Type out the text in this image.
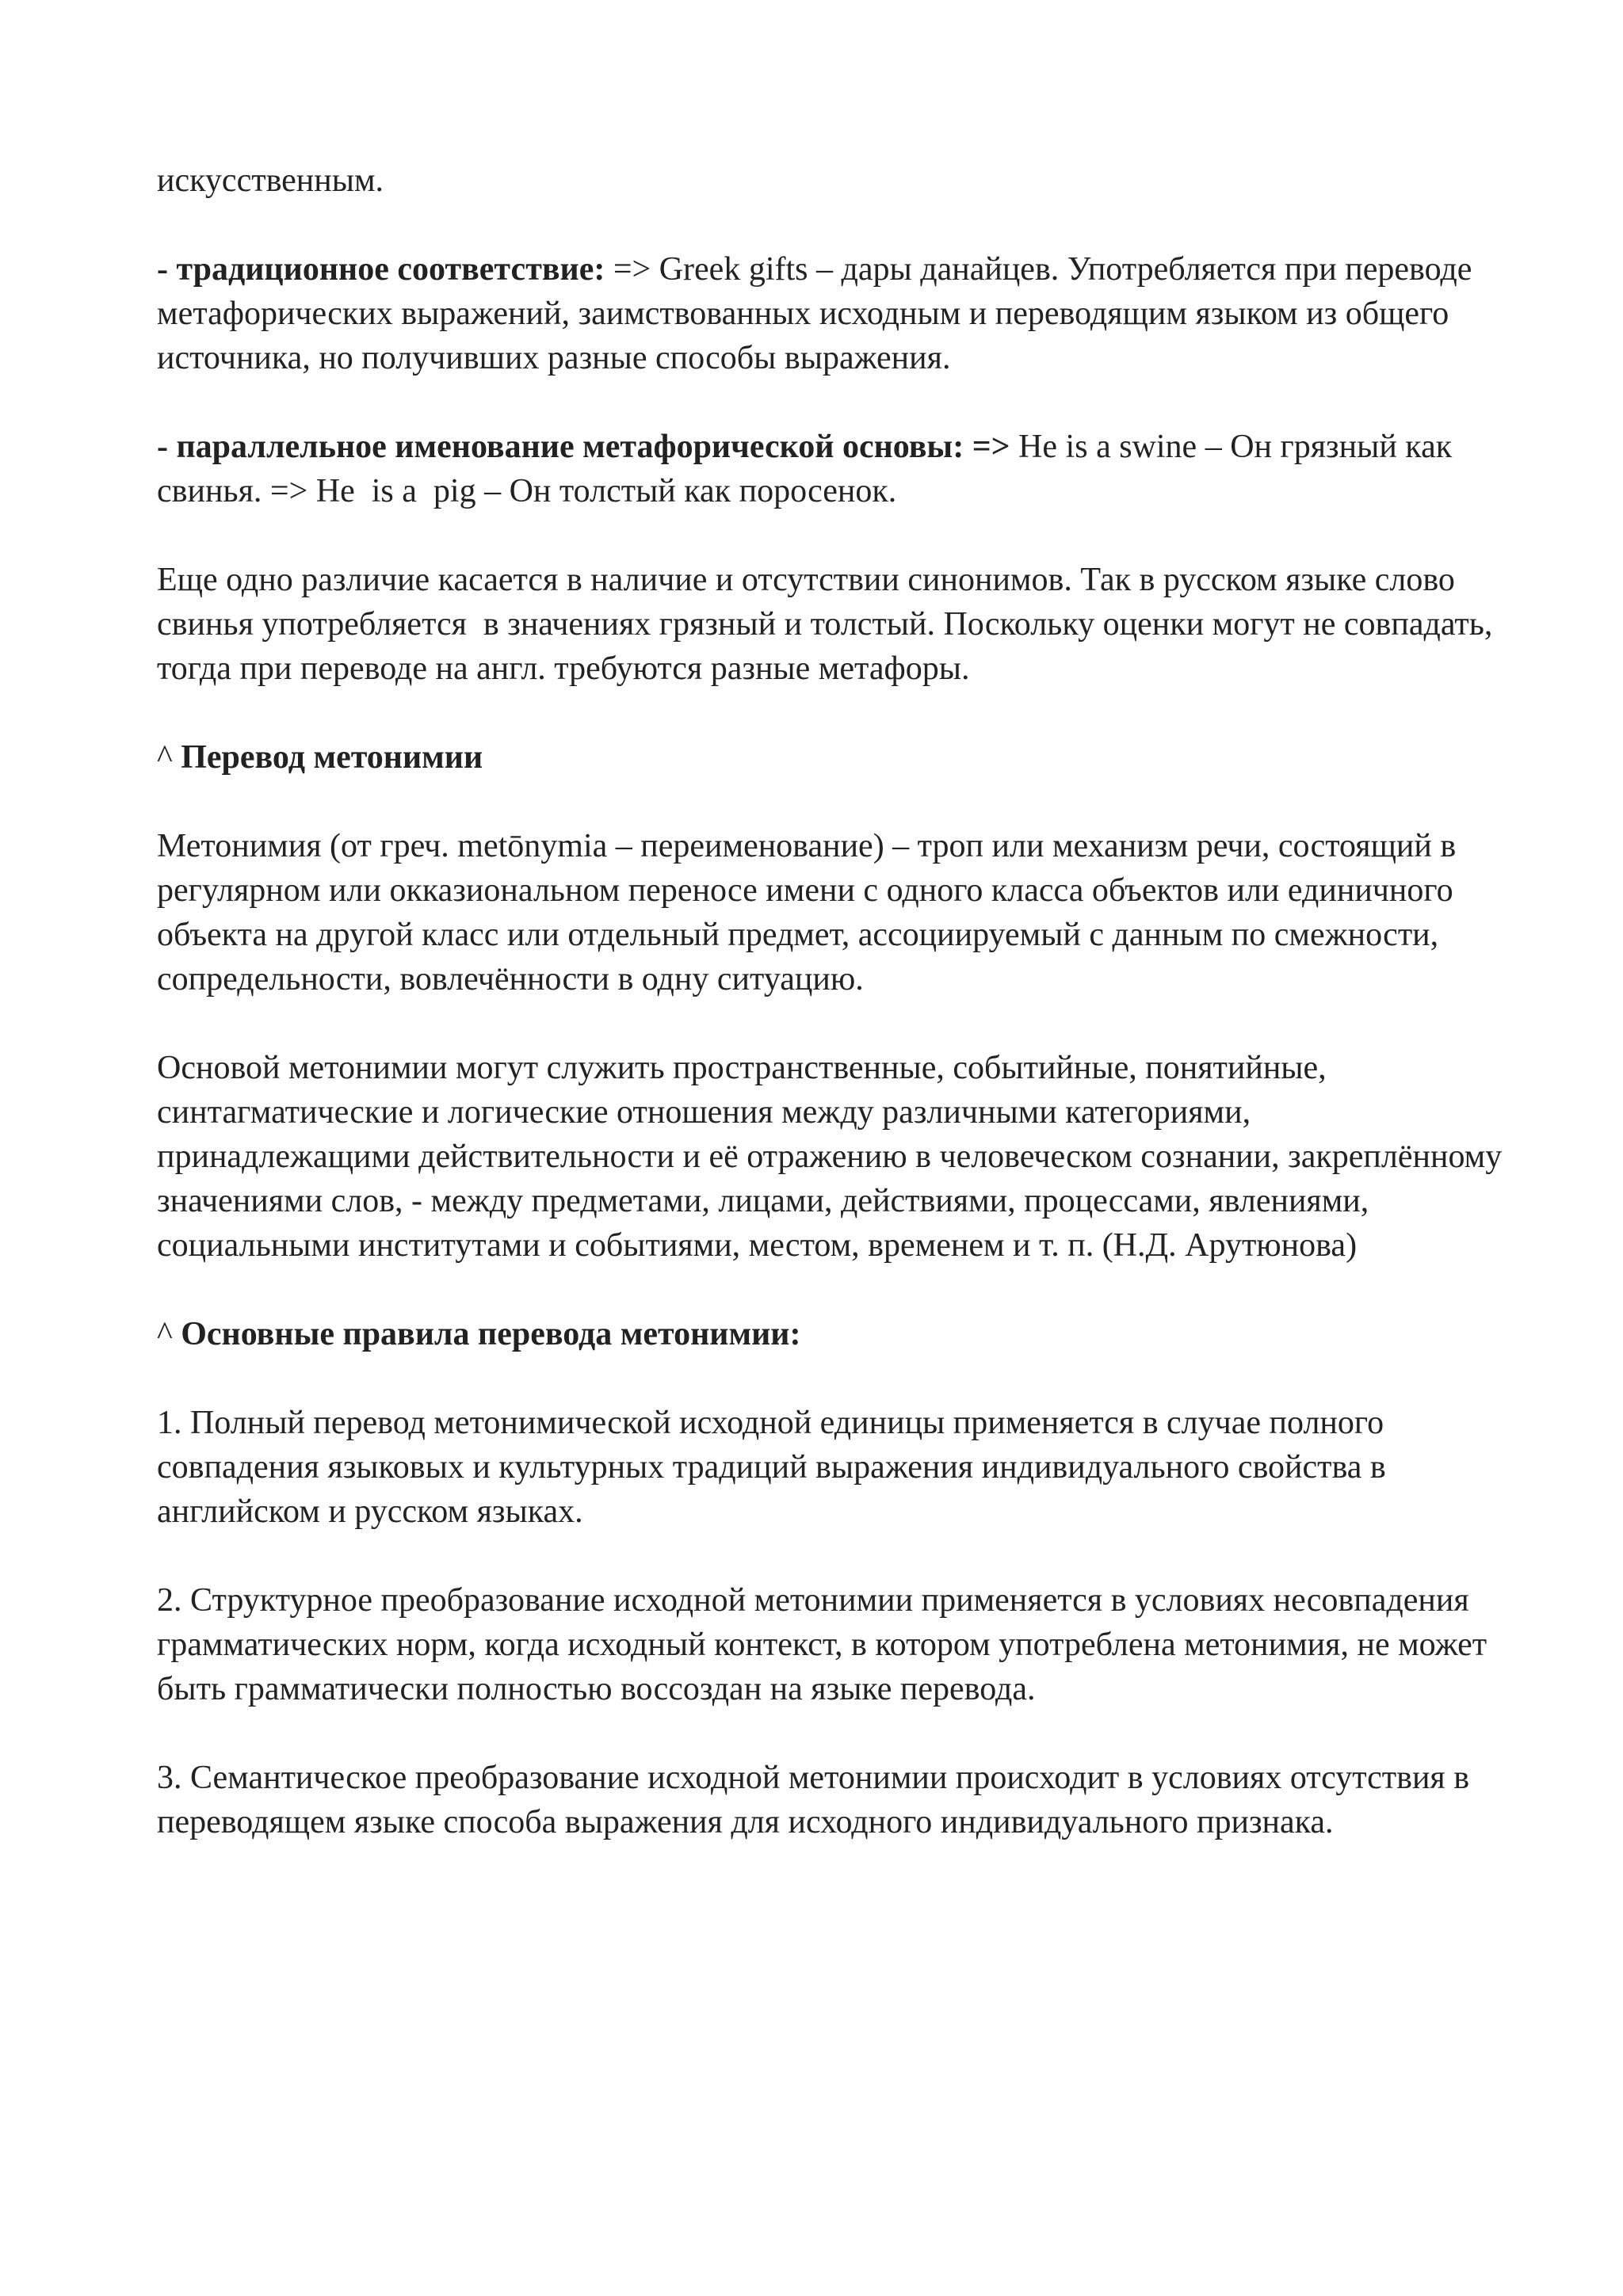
искусственным.

- традиционное соответствие: => Greek gifts – дары данайцев. Употребляется при переводе метафорических выражений, заимствованных исходным и переводящим языком из общего источника, но получивших разные способы выражения.

- параллельное именование метафорической основы: => He is a swine – Он грязный как свинья. => He  is a  pig – Он толстый как поросенок.

Еще одно различие касается в наличие и отсутствии синонимов. Так в русском языке слово свинья употребляется  в значениях грязный и толстый. Поскольку оценки могут не совпадать, тогда при переводе на англ. требуются разные метафоры.

^ Перевод метонимии

Метонимия (от греч. metōnymia – переименование) – троп или механизм речи, состоящий в регулярном или окказиональном переносе имени с одного класса объектов или единичного объекта на другой класс или отдельный предмет, ассоциируемый с данным по смежности, сопредельности, вовлечённости в одну ситуацию.

Основой метонимии могут служить пространственные, событийные, понятийные, синтагматические и логические отношения между различными категориями, принадлежащими действительности и её отражению в человеческом сознании, закреплённому значениями слов, - между предметами, лицами, действиями, процессами, явлениями, социальными институтами и событиями, местом, временем и т. п. (Н.Д. Арутюнова)

^ Основные правила перевода метонимии:

1. Полный перевод метонимической исходной единицы применяется в случае полного совпадения языковых и культурных традиций выражения индивидуального свойства в английском и русском языках.

2. Структурное преобразование исходной метонимии применяется в условиях несовпадения грамматических норм, когда исходный контекст, в котором употреблена метонимия, не может быть грамматически полностью воссоздан на языке перевода.

3. Семантическое преобразование исходной метонимии происходит в условиях отсутствия в переводящем языке способа выражения для исходного индивидуального признака.
